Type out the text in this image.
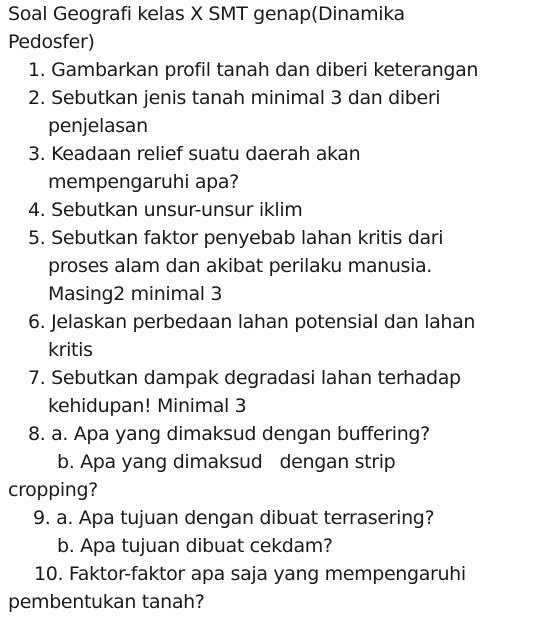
Soal Geografi kelas X SMT genap(Dinamika
Pedosfer)
1. Gambarkan profil tanah dan diberi keterangan
2. Sebutkan jenis tanah minimal 3 dan diberi
penjelasan
3. Keadaan relief suatu daerah akan
mempengaruhi apa?
4. Sebutkan unsur-unsur iklim
5. Sebutkan faktor penyebab lahan kritis dari
proses alam dan akibat perilaku manusia.
Masing2 minimal 3
6. Jelaskan perbedaan lahan potensial dan lahan
kritis
7. Sebutkan dampak degradasi lahan terhadap
kehidupan! Minimal 3
8. a. Apa yang dimaksud dengan buffering?
b. Apa yang dimaksud   dengan strip
cropping?
9. a. Apa tujuan dengan dibuat terrasering?
b. Apa tujuan dibuat cekdam?
10. Faktor-faktor apa saja yang mempengaruhi
pembentukan tanah?
